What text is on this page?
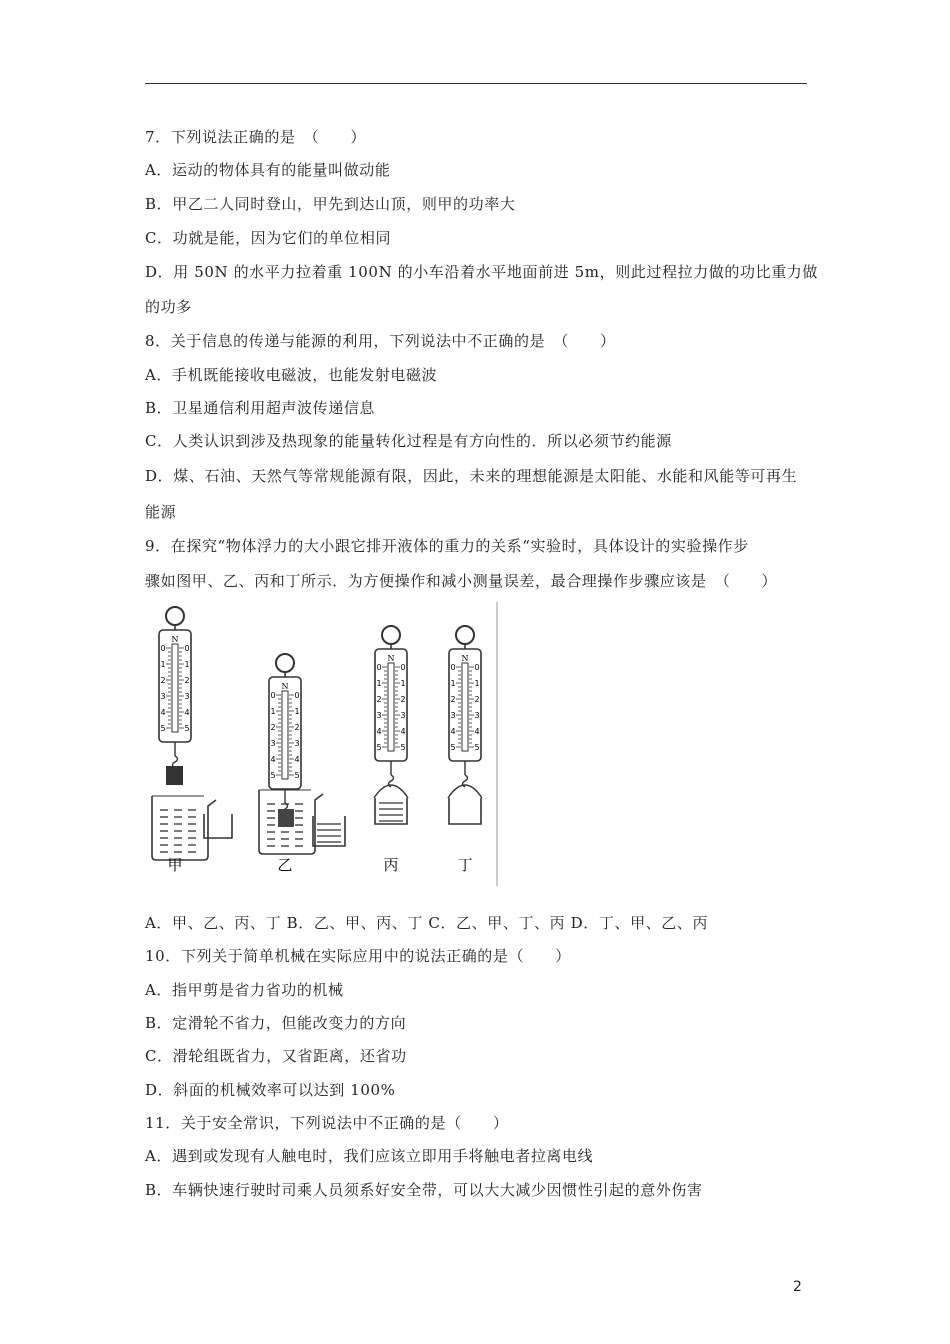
7．下列说法正确的是　（　　）
A．运动的物体具有的能量叫做动能
B．甲乙二人同时登山，甲先到达山顶，则甲的功率大
C．功就是能，因为它们的单位相同
D．用 50N 的水平力拉着重 100N 的小车沿着水平地面前进 5m，则此过程拉力做的功比重力做
的功多
8．关于信息的传递与能源的利用，下列说法中不正确的是　（　　）
A．手机既能接收电磁波，也能发射电磁波
B．卫星通信利用超声波传递信息
C．人类认识到涉及热现象的能量转化过程是有方向性的．所以必须节约能源
D．煤、石油、天然气等常规能源有限，因此，未来的理想能源是太阳能、水能和风能等可再生
能源
9．在探究“物体浮力的大小跟它排开液体的重力的关系“实验时，具体设计的实验操作步
骤如图甲、乙、丙和丁所示．为方便操作和减小测量误差，最合理操作步骤应该是　（　　）
N
甲
N
乙
N
丙
N
丁
0 0
1 1
2 2
3 3
4 4
5 5
0 0
1 1
2 2
3 3
4 4
5 5
0 0
1 1
2 2
3 3
4 4
5 5
0 0
1 1
2 2
3 3
4 4
5 5
A．甲、乙、丙、丁 B．乙、甲、丙、丁 C．乙、甲、丁、丙 D．丁、甲、乙、丙
10．下列关于简单机械在实际应用中的说法正确的是（　　）
A．指甲剪是省力省功的机械
B．定滑轮不省力，但能改变力的方向
C．滑轮组既省力，又省距离，还省功
D．斜面的机械效率可以达到 100%
11．关于安全常识，下列说法中不正确的是（　　）
A．遇到或发现有人触电时，我们应该立即用手将触电者拉离电线
B．车辆快速行驶时司乘人员须系好安全带，可以大大减少因惯性引起的意外伤害
2
